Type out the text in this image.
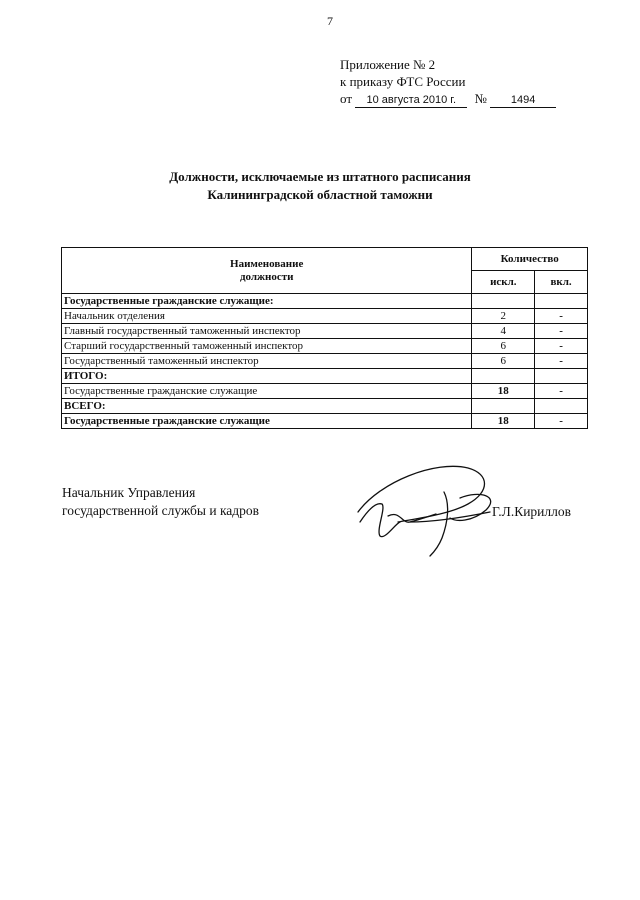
7
Приложение № 2
к приказу ФТС России
от 10 августа 2010 г. № 1494
Должности, исключаемые из штатного расписания
Калининградской областной таможни
Наименование
должности	Количество	
	искл.	вкл.
Государственные гражданские служащие:		
Начальник отделения	2	-
Главный государственный таможенный инспектор	4	-
Старший государственный таможенный инспектор	6	-
Государственный таможенный инспектор	6	-
ИТОГО:		
Государственные гражданские служащие	18	-
ВСЕГО:		
Государственные гражданские служащие	18	-
Начальник Управления
государственной службы и кадров	Г.Л.Кириллов
